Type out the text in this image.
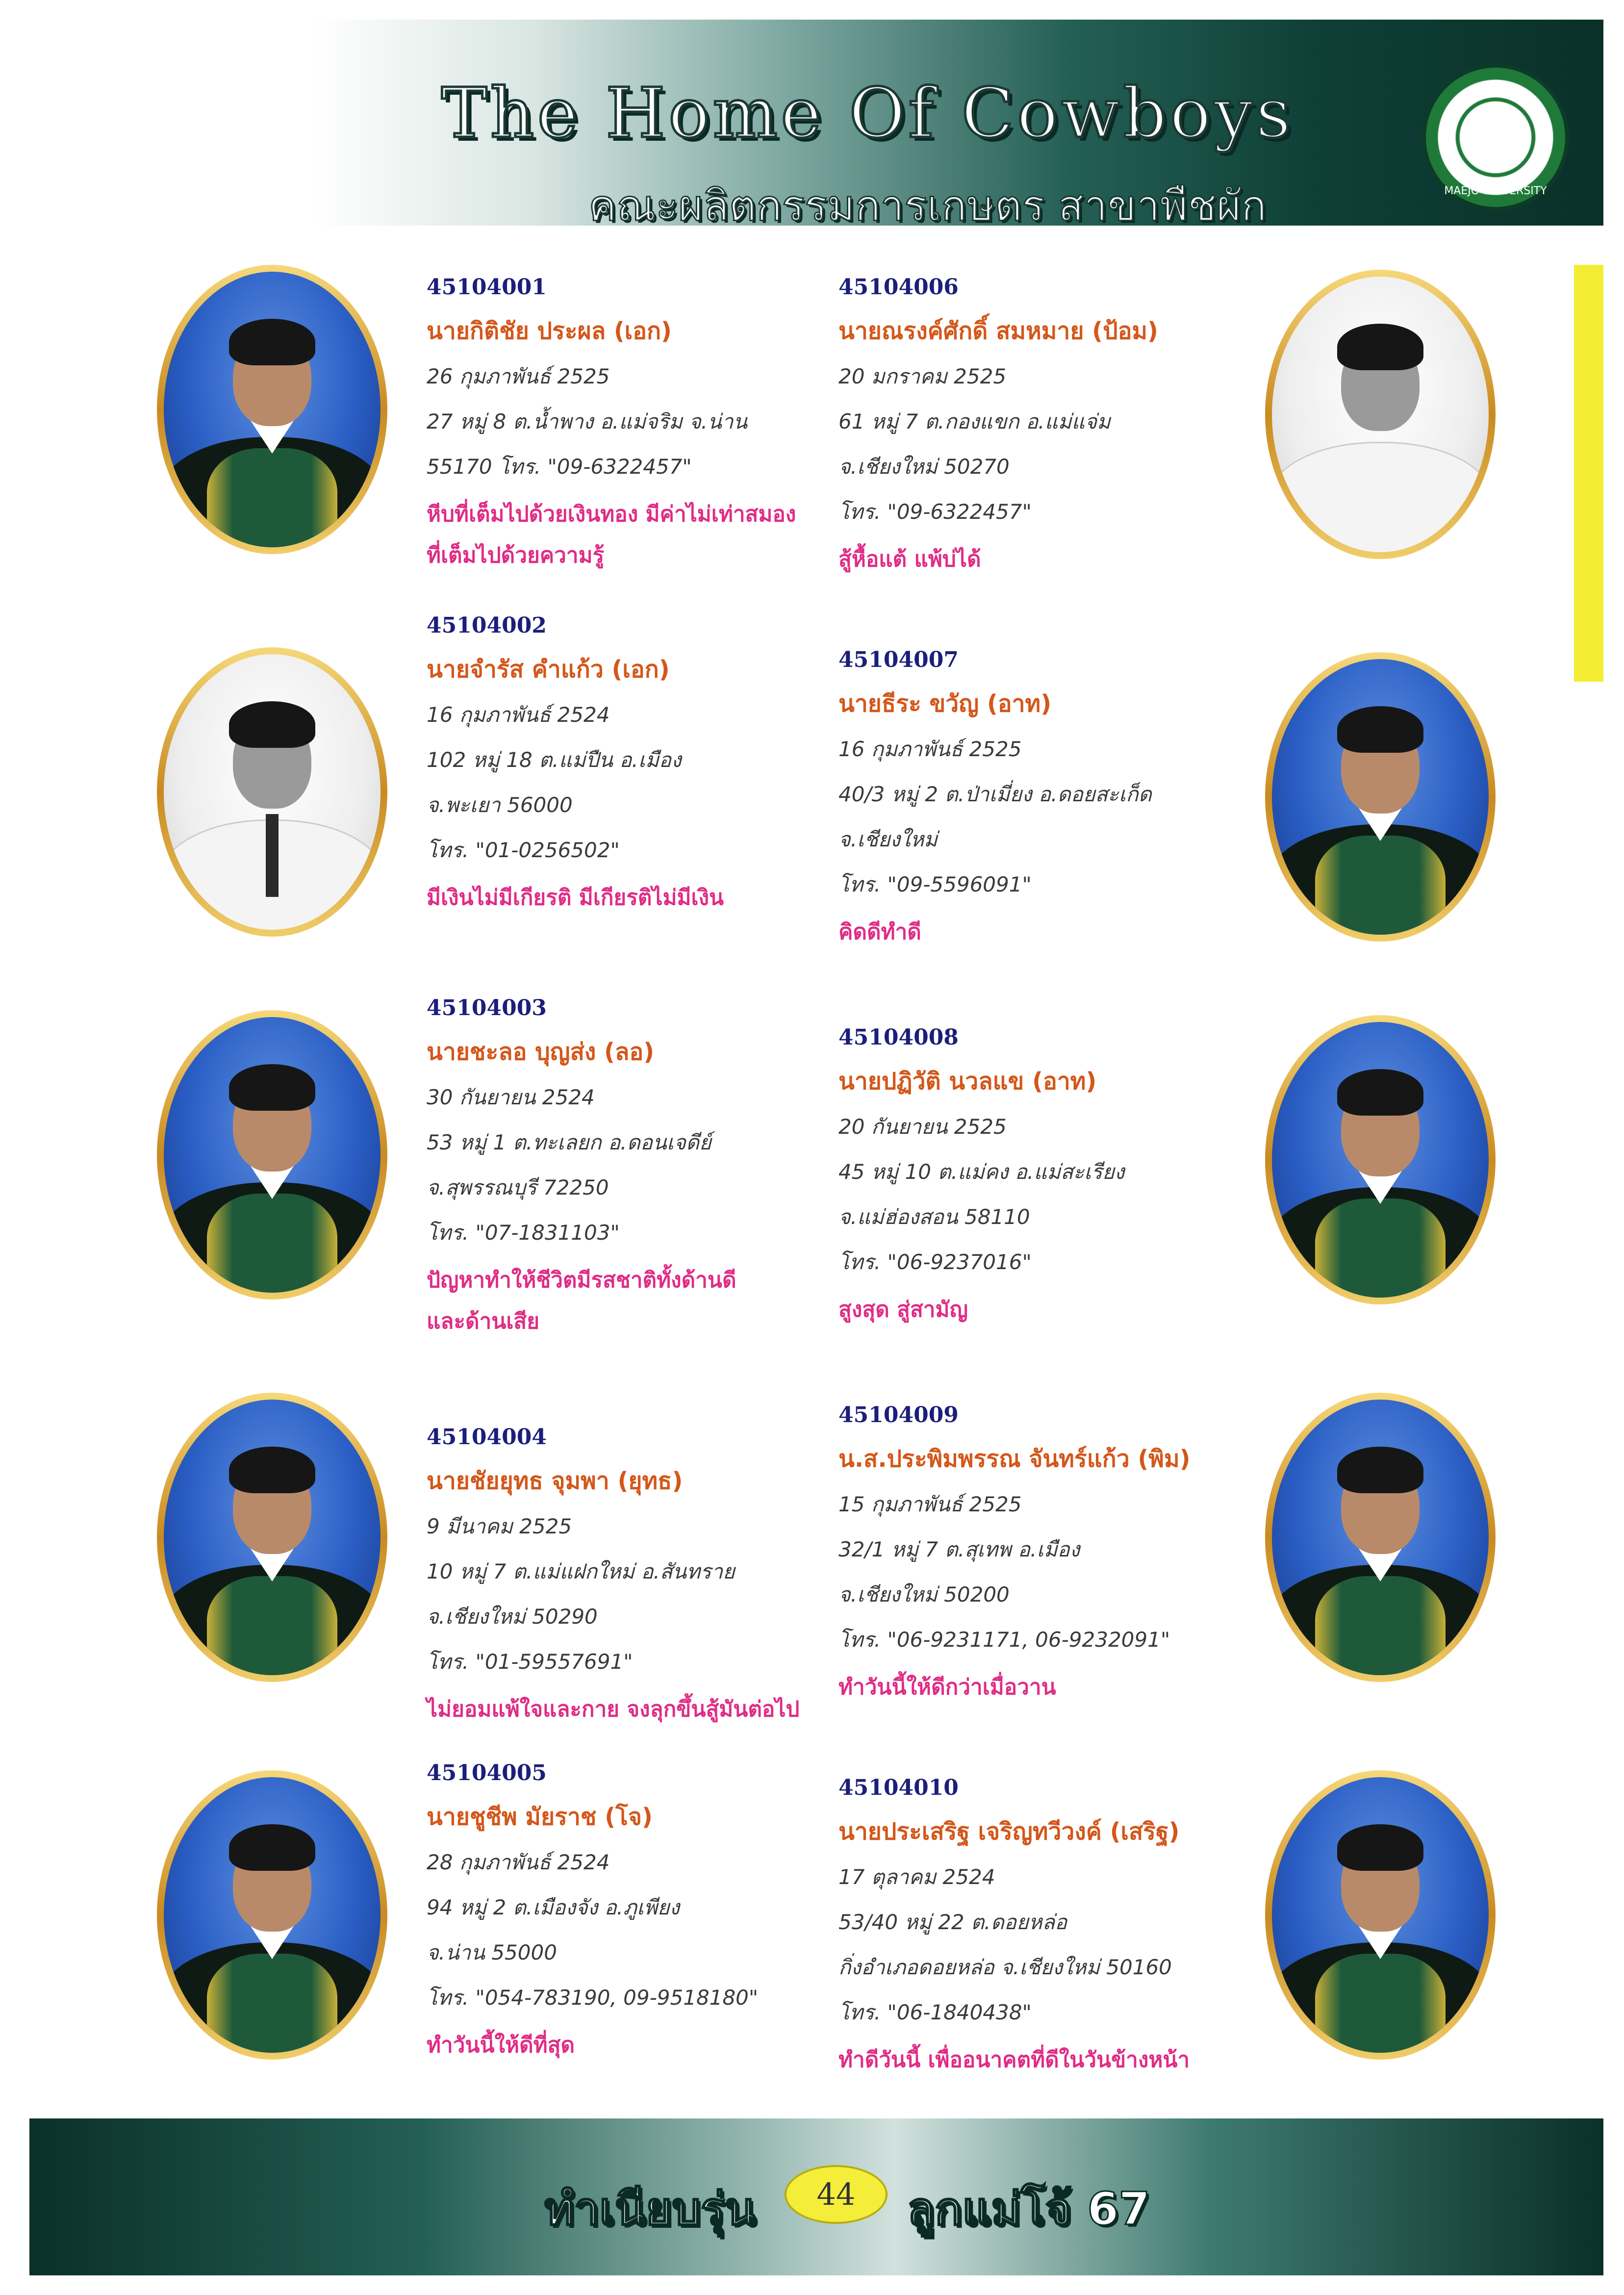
The Home Of Cowboys
คณะผลิตกรรมการเกษตร สาขาพืชผัก	MAEJO UNIVERSITY
45104001
นายกิติชัย ประผล (เอก)
26 กุมภาพันธ์ 2525
27 หมู่ 8 ต.น้ำพาง อ.แม่จริม จ.น่าน
55170 โทร. "09-6322457"
หีบที่เต็มไปด้วยเงินทอง มีค่าไม่เท่าสมอง
ที่เต็มไปด้วยความรู้
45104002
นายจำรัส คำแก้ว (เอก)
16 กุมภาพันธ์ 2524
102 หมู่ 18 ต.แม่ปืน อ.เมือง
จ.พะเยา 56000
โทร. "01-0256502"
มีเงินไม่มีเกียรติ มีเกียรติไม่มีเงิน
45104003
นายชะลอ บุญส่ง (ลอ)
30 กันยายน 2524
53 หมู่ 1 ต.ทะเลยก อ.ดอนเจดีย์
จ.สุพรรณบุรี 72250
โทร. "07-1831103"
ปัญหาทำให้ชีวิตมีรสชาติทั้งด้านดี
และด้านเสีย
45104004
นายชัยยุทธ จุมพา (ยุทธ)
9 มีนาคม 2525
10 หมู่ 7 ต.แม่แฝกใหม่ อ.สันทราย
จ.เชียงใหม่ 50290
โทร. "01-59557691"
ไม่ยอมแพ้ใจและกาย จงลุกขึ้นสู้มันต่อไป
45104005
นายชูชีพ มัยราช (โจ)
28 กุมภาพันธ์ 2524
94 หมู่ 2 ต.เมืองจัง อ.ภูเพียง
จ.น่าน 55000
โทร. "054-783190, 09-9518180"
ทำวันนี้ให้ดีที่สุด
45104006
นายณรงค์ศักดิ์ สมหมาย (ป้อม)
20 มกราคม 2525
61 หมู่ 7 ต.กองแขก อ.แม่แจ่ม
จ.เชียงใหม่ 50270
โทร. "09-6322457"
สู้หื้อแต้ แพ้บ่ได้
45104007
นายธีระ ขวัญ (อาท)
16 กุมภาพันธ์ 2525
40/3 หมู่ 2 ต.ป่าเมี่ยง อ.ดอยสะเก็ด
จ.เชียงใหม่
โทร. "09-5596091"
คิดดีทำดี
45104008
นายปฏิวัติ นวลแข (อาท)
20 กันยายน 2525
45 หมู่ 10 ต.แม่คง อ.แม่สะเรียง
จ.แม่ฮ่องสอน 58110
โทร. "06-9237016"
สูงสุด สู่สามัญ
45104009
น.ส.ประพิมพรรณ จันทร์แก้ว (พิม)
15 กุมภาพันธ์ 2525
32/1 หมู่ 7 ต.สุเทพ อ.เมือง
จ.เชียงใหม่ 50200
โทร. "06-9231171, 06-9232091"
ทำวันนี้ให้ดีกว่าเมื่อวาน
45104010
นายประเสริฐ เจริญทวีวงค์ (เสริฐ)
17 ตุลาคม 2524
53/40 หมู่ 22 ต.ดอยหล่อ
กิ่งอำเภอดอยหล่อ จ.เชียงใหม่ 50160
โทร. "06-1840438"
ทำดีวันนี้ เพื่ออนาคตที่ดีในวันข้างหน้า
ทำเนียบรุ่น	44	ลูกแม่โจ้ 67
